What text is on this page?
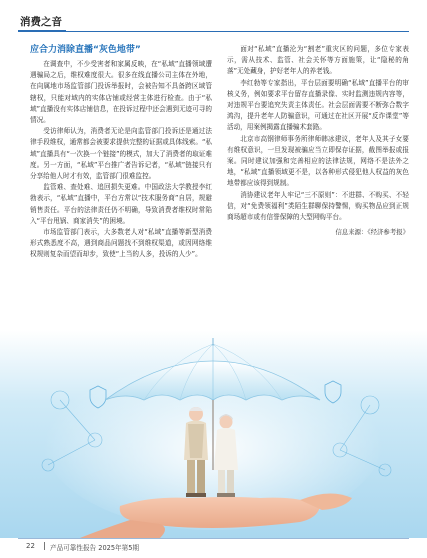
消费之音
应合力消除直播“灰色地带”

在调查中，不少受害者和家属反映，在“私域”直播领域遭遇骗局之后，维权难度很大。很多在线直播公司主体在外地，在向属地市场监管部门投诉举报时，会被告知不具备跨区域管辖权，只能对域内的实体店铺或经营主体进行检查。由于“私域”直播没有实体店铺信息，在投诉过程中还会遇到无迹可寻的情况。

受访律师认为，消费者无论是向监管部门投诉还是通过法律手段维权，通常都会被要求提供完整的证据或具体线索。“私域”直播具有“一次换一个链接”的模式，加大了消费者的取证难度。另一方面，“私域”平台推广者告诉记者，“私域”链接只有分享给他人时才有效，监管部门很难监控。

监管难、查处难、追回损失更难。中国政法大学教授李红勃表示，“私域”直播中，平台方常以“技术服务商”自居，规避销售责任。平台的法律责任仍不明确，导致消费者维权时常陷入“平台甩锅、商家消失”的困境。

市场监管部门表示，大多数老人对“私域”直播等新型消费形式熟悉度不高，遇到商品问题找不到维权渠道，或因网络维权规则复杂而望而却步，致使“上当的人多，投诉的人少”。

面对“私域”直播沦为“割老”重灾区的问题，多位专家表示，需从技术、监管、社会关怀等方面施策，让“隐秘的角落”无处藏身，护好老年人的养老钱。

李红勃等专家指出，平台层面要明确“私域”直播平台的审核义务，例如要求平台留存直播录像、实时监测违规内容等，对违规平台要追究失责主体责任。社会层面需要不断弥合数字鸿沟，提升老年人防骗意识，可通过在社区开展“反诈课堂”等活动，用案例揭露直播骗术套路。

北京市高钢律师事务所律师韩冰建议，老年人及其子女要有维权意识，一旦发现被骗应当立即保存证据，截图举报或报案。同时建议加强和完善相应的法律法规，网络不是法外之地，“私域”直播领域更不是，以各种形式侵犯他人权益的灰色地带都应该得到规制。

消协建议老年人牢记“三不原则”：不进群、不购买、不轻信，对“免费领福利”类陌生群聊保持警惕，购买物品应到正规商场超市或有信誉保障的大型网购平台。

信息来源：《经济参考报》
22 产品可靠性报告 2025年第5期
